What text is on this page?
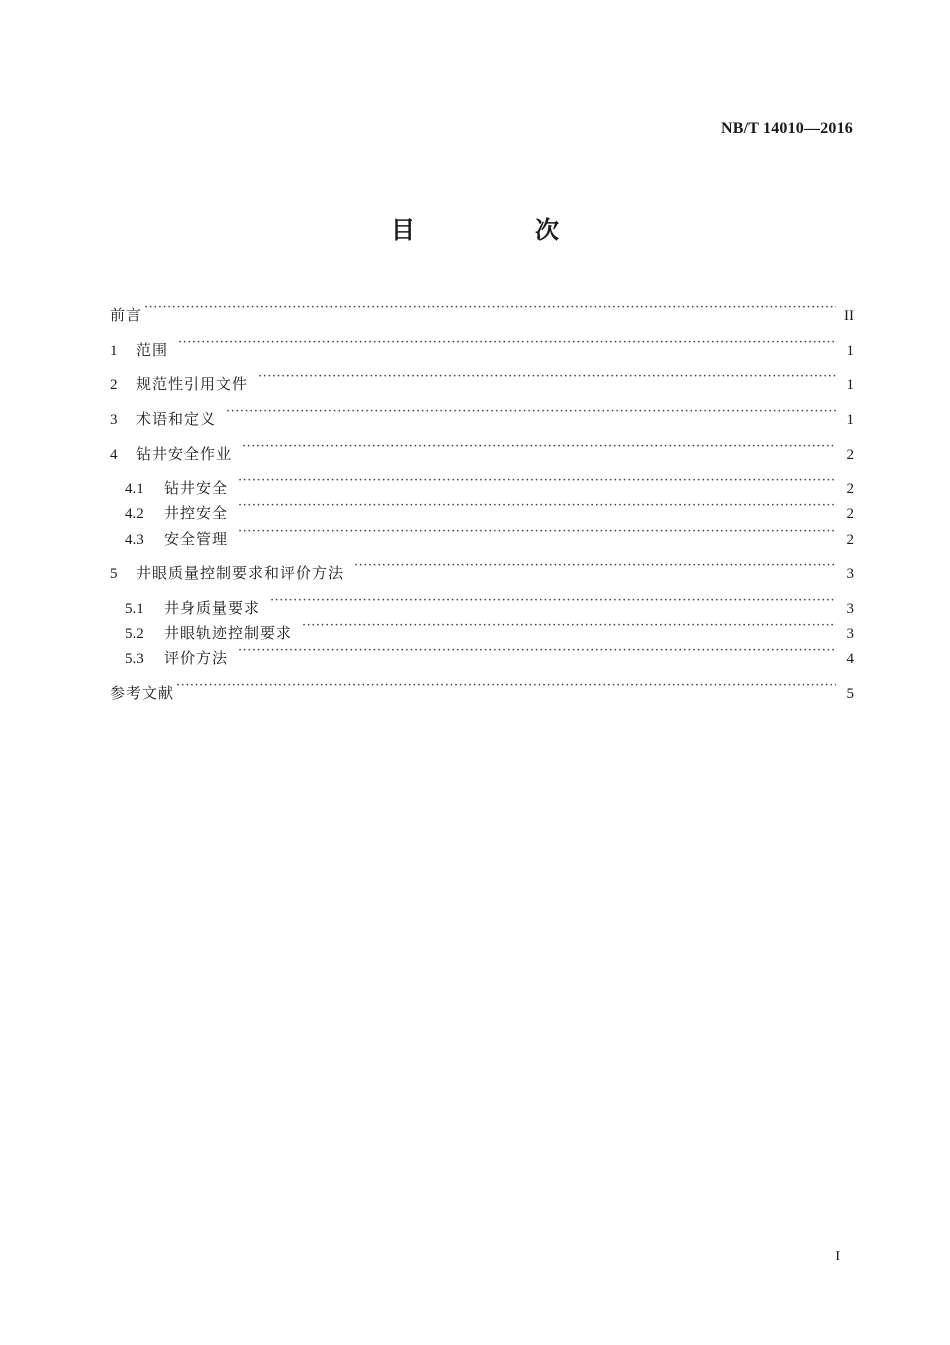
NB/T 14010—2016
目　次
前言 ·····	II
1	范围 ·····	1
2	规范性引用文件 ·····	1
3	术语和定义 ·····	1
4	钻井安全作业 ·····	2
4.1	钻井安全 ·····	2
4.2	井控安全 ·····	2
4.3	安全管理 ·····	2
5	井眼质量控制要求和评价方法 ·····	3
5.1	井身质量要求 ·····	3
5.2	井眼轨迹控制要求 ·····	3
5.3	评价方法 ·····	4
参考文献 ·····	5
I
